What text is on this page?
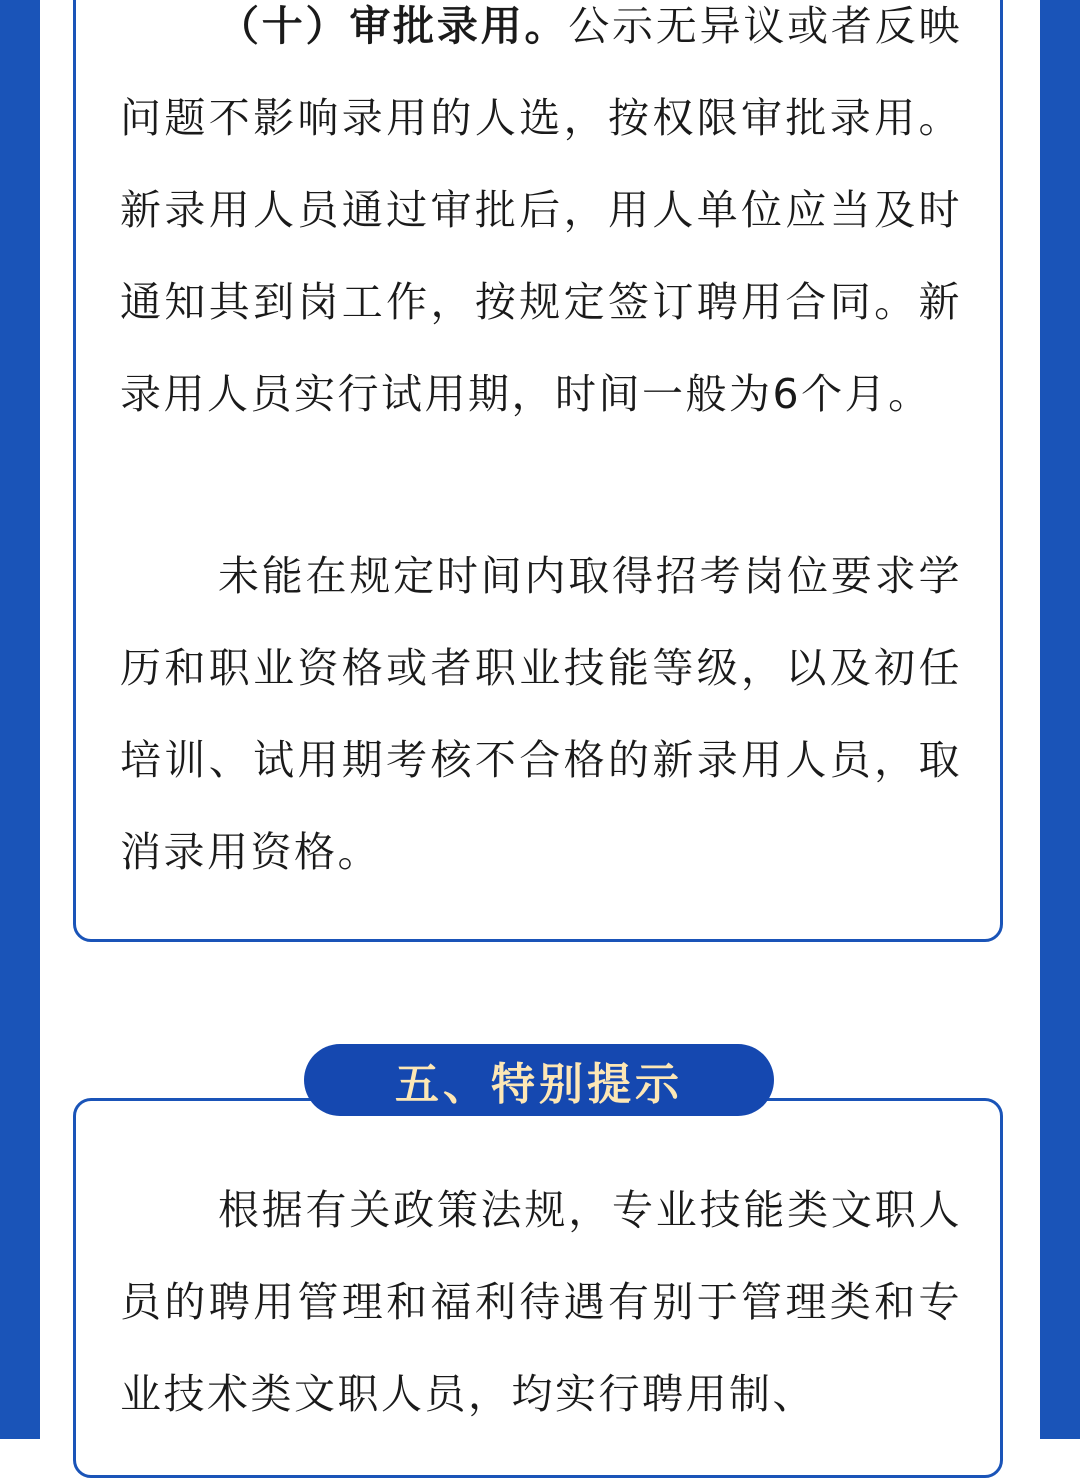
（十）审批录用。公示无异议或者反映问题不影响录用的人选，按权限审批录用。新录用人员通过审批后，用人单位应当及时通知其到岗工作，按规定签订聘用合同。新录用人员实行试用期，时间一般为6个月。

未能在规定时间内取得招考岗位要求学历和职业资格或者职业技能等级，以及初任培训、试用期考核不合格的新录用人员，取消录用资格。

五、特别提示

根据有关政策法规，专业技能类文职人员的聘用管理和福利待遇有别于管理类和专业技术类文职人员，均实行聘用制、
